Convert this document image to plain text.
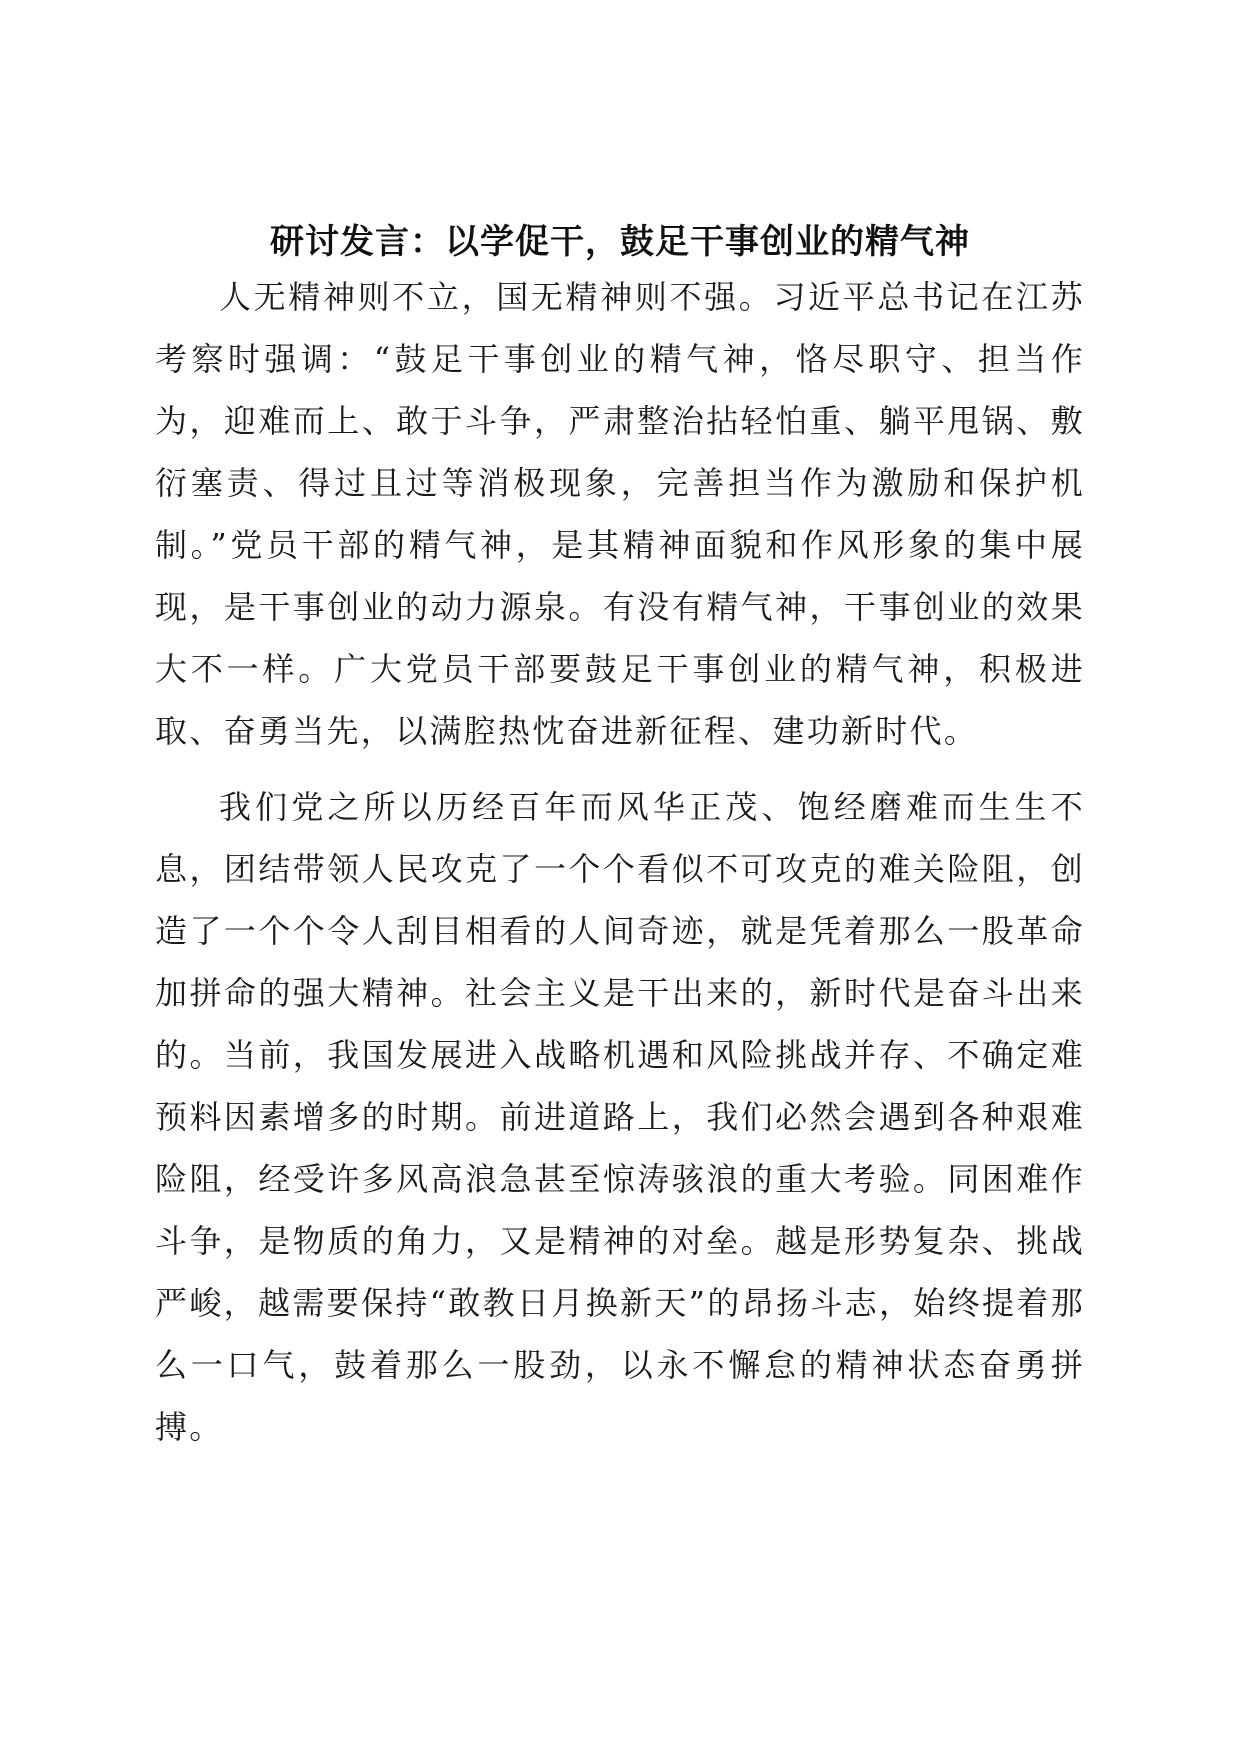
研讨发言：以学促干，鼓足干事创业的精气神

人无精神则不立，国无精神则不强。习近平总书记在江苏考察时强调：“鼓足干事创业的精气神，恪尽职守、担当作为，迎难而上、敢于斗争，严肃整治拈轻怕重、躺平甩锅、敷衍塞责、得过且过等消极现象，完善担当作为激励和保护机制。”党员干部的精气神，是其精神面貌和作风形象的集中展现，是干事创业的动力源泉。有没有精气神，干事创业的效果大不一样。广大党员干部要鼓足干事创业的精气神，积极进取、奋勇当先，以满腔热忱奋进新征程、建功新时代。

我们党之所以历经百年而风华正茂、饱经磨难而生生不息，团结带领人民攻克了一个个看似不可攻克的难关险阻，创造了一个个令人刮目相看的人间奇迹，就是凭着那么一股革命加拼命的强大精神。社会主义是干出来的，新时代是奋斗出来的。当前，我国发展进入战略机遇和风险挑战并存、不确定难预料因素增多的时期。前进道路上，我们必然会遇到各种艰难险阻，经受许多风高浪急甚至惊涛骇浪的重大考验。同困难作斗争，是物质的角力，又是精神的对垒。越是形势复杂、挑战严峻，越需要保持“敢教日月换新天”的昂扬斗志，始终提着那么一口气，鼓着那么一股劲，以永不懈怠的精神状态奋勇拼搏。
